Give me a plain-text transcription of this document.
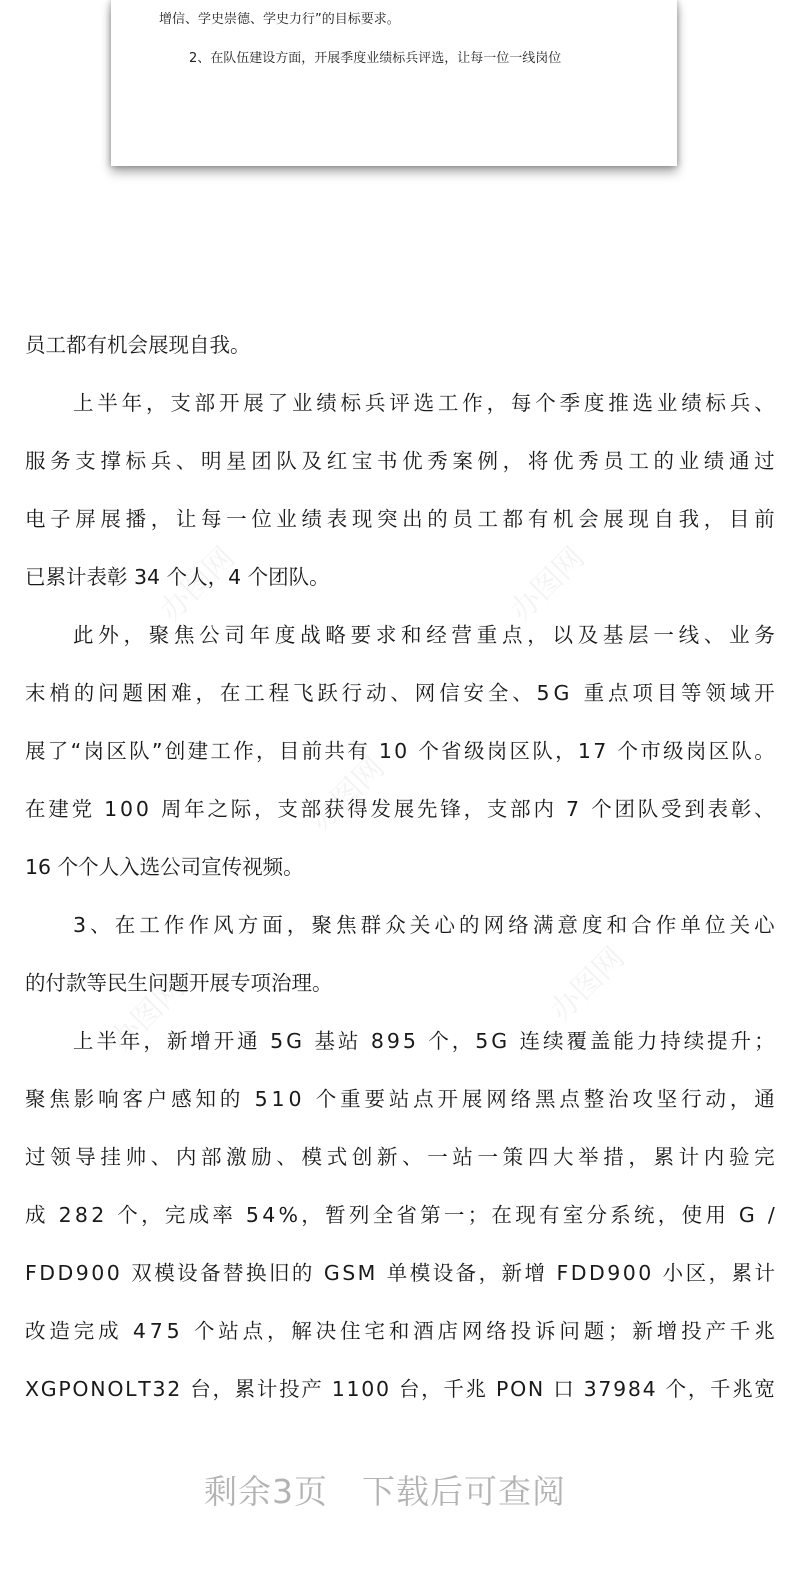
增信、学史崇德、学史力行”的目标要求。
2、在队伍建设方面，开展季度业绩标兵评选，让每一位一线岗位
员工都有机会展现自我。
上 半 年 ， 支 部 开 展 了 业 绩 标 兵 评 选 工 作 ， 每 个 季 度 推 选 业 绩 标 兵 、
服 务 支 撑 标 兵 、 明 星 团 队 及 红 宝 书 优 秀 案 例 ， 将 优 秀 员 工 的 业 绩 通 过
电 子 屏 展 播 ， 让 每 一 位 业 绩 表 现 突 出 的 员 工 都 有 机 会 展 现 自 我 ， 目 前
已累计表彰 34 个人，4 个团队。
此 外 ， 聚 焦 公 司 年 度 战 略 要 求 和 经 营 重 点 ， 以 及 基 层 一 线 、 业 务
末 梢 的 问 题 困 难 ， 在 工 程 飞 跃 行 动 、 网 信 安 全 、 5 G
重 点 项 目 等 领 域 开
展 了 “ 岗 区 队 ” 创 建 工 作 ， 目 前 共 有
1 0
个 省 级 岗 区 队 ， 1 7
个 市 级 岗 区 队 。
在 建 党
1 0 0
周 年 之 际 ， 支 部 获 得 发 展 先 锋 ， 支 部 内
7
个 团 队 受 到 表 彰 、
16 个个人入选公司宣传视频。
3 、 在 工 作 作 风 方 面 ， 聚 焦 群 众 关 心 的 网 络 满 意 度 和 合 作 单 位 关 心
的付款等民生问题开展专项治理。
上 半 年 ， 新 增 开 通
5 G
基 站
8 9 5
个 ， 5 G
连 续 覆 盖 能 力 持 续 提 升 ；
聚 焦 影 响 客 户 感 知 的
5 1 0
个 重 要 站 点 开 展 网 络 黑 点 整 治 攻 坚 行 动 ， 通
过 领 导 挂 帅 、 内 部 激 励 、 模 式 创 新 、 一 站 一 策 四 大 举 措 ， 累 计 内 验 完
成
2 8 2
个 ， 完 成 率
5 4 % ， 暂 列 全 省 第 一 ； 在 现 有 室 分 系 统 ， 使 用
G
/
F D D 9 0 0
双 模 设 备 替 换 旧 的
G S M
单 模 设 备 ， 新 增
F D D 9 0 0
小 区 ， 累 计
改 造 完 成
4 7 5
个 站 点 ， 解 决 住 宅 和 酒 店 网 络 投 诉 问 题 ； 新 增 投 产 千 兆
X G P O N O L T 3 2
台 ， 累 计 投 产
1 1 0 0
台 ， 千 兆
P O N
口
3 7 9 8 4
个 ， 千 兆 宽
剩余3页 下载后可查阅
